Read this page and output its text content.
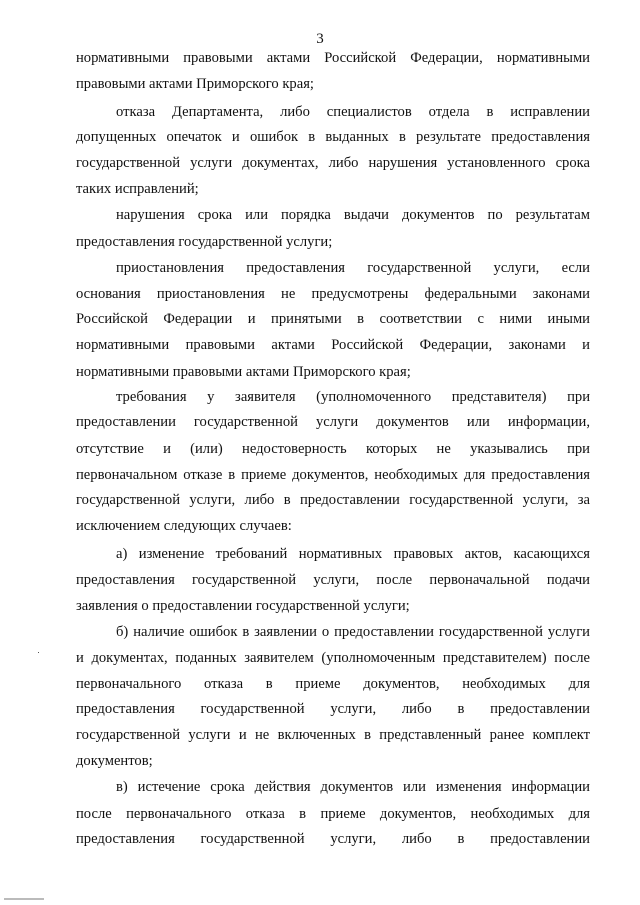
3
нормативными правовыми актами Российской Федерации, нормативными
правовыми актами Приморского края;
отказа Департамента, либо специалистов отдела в исправлении
допущенных опечаток и ошибок в выданных в результате предоставления
государственной услуги документах, либо нарушения установленного срока
таких исправлений;
нарушения срока или порядка выдачи документов по результатам
предоставления государственной услуги;
приостановления предоставления государственной услуги, если
основания приостановления не предусмотрены федеральными законами
Российской Федерации и принятыми в соответствии с ними иными
нормативными правовыми актами Российской Федерации, законами и
нормативными правовыми актами Приморского края;
требования у заявителя (уполномоченного представителя) при
предоставлении государственной услуги документов или информации,
отсутствие и (или) недостоверность которых не указывались при
первоначальном отказе в приеме документов, необходимых для предоставления
государственной услуги, либо в предоставлении государственной услуги, за
исключением следующих случаев:
а) изменение требований нормативных правовых актов, касающихся
предоставления государственной услуги, после первоначальной подачи
заявления о предоставлении государственной услуги;
б) наличие ошибок в заявлении о предоставлении государственной услуги
и документах, поданных заявителем (уполномоченным представителем) после
первоначального отказа в приеме документов, необходимых для
предоставления государственной услуги, либо в предоставлении
государственной услуги и не включенных в представленный ранее комплект
документов;
в) истечение срока действия документов или изменения информации
после первоначального отказа в приеме документов, необходимых для
предоставления государственной услуги, либо в предоставлении
